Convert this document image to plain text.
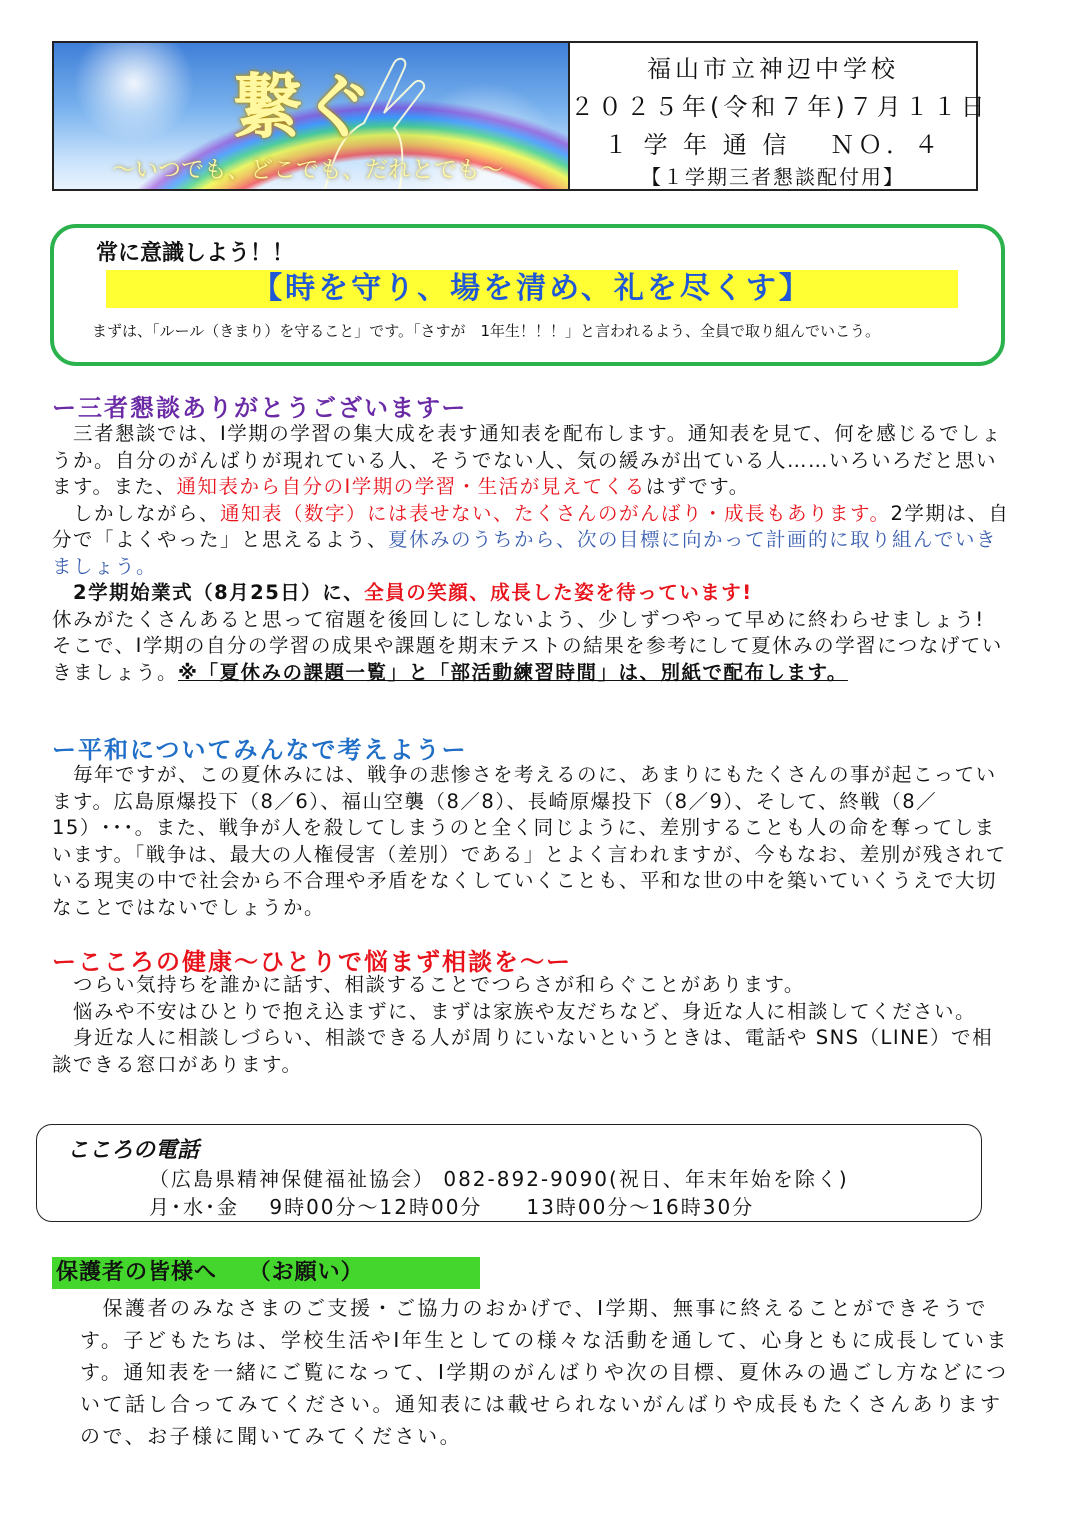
繋ぐ
～いつでも、どこでも、だれとでも～
福山市立神辺中学校
２０２５年(令和７年)７月１１日
１ 学 年 通 信　 ＮＯ．４
【１学期三者懇談配付用】
常に意識しよう！！
【時を守り、場を清め、礼を尽くす】
まずは、「ルール（きまり）を守ること」です。「さすが　1年生！！！」と言われるよう、全員で取り組んでいこう。
ー三者懇談ありがとうございますー
　三者懇談では、Ⅰ学期の学習の集大成を表す通知表を配布します。通知表を見て、何を感じるでしょうか。自分のがんばりが現れている人、そうでない人、気の緩みが出ている人……いろいろだと思います。また、通知表から自分のⅠ学期の学習・生活が見えてくるはずです。
　しかしながら、通知表（数字）には表せない、たくさんのがんばり・成長もあります。2学期は、自分で「よくやった」と思えるよう、夏休みのうちから、次の目標に向かって計画的に取り組んでいきましょう。
　2学期始業式（8月25日）に、全員の笑顔、成長した姿を待っています!
休みがたくさんあると思って宿題を後回しにしないよう、少しずつやって早めに終わらせましょう! そこで、Ⅰ学期の自分の学習の成果や課題を期末テストの結果を参考にして夏休みの学習につなげていきましょう。※「夏休みの課題一覧」と「部活動練習時間」は、別紙で配布します。
ー平和についてみんなで考えようー
　毎年ですが、この夏休みには、戦争の悲惨さを考えるのに、あまりにもたくさんの事が起こっています。広島原爆投下（8／6）、福山空襲（8／8）、長崎原爆投下（8／9）、そして、終戦（8／15）･･･。また、戦争が人を殺してしまうのと全く同じように、差別することも人の命を奪ってしまいます。「戦争は、最大の人権侵害（差別）である」とよく言われますが、今もなお、差別が残されている現実の中で社会から不合理や矛盾をなくしていくことも、平和な世の中を築いていくうえで大切なことではないでしょうか。
ーこころの健康～ひとりで悩まず相談を～ー
　つらい気持ちを誰かに話す、相談することでつらさが和らぐことがあります。
　悩みや不安はひとりで抱え込まずに、まずは家族や友だちなど、身近な人に相談してください。
　身近な人に相談しづらい、相談できる人が周りにいないというときは、電話や SNS（LINE）で相談できる窓口があります。
こころの電話
（広島県精神保健福祉協会） 082-892-9090(祝日、年末年始を除く)
月･水･金　 9時00分～12時00分　　13時00分～16時30分
保護者の皆様へ　 （お願い）
　保護者のみなさまのご支援・ご協力のおかげで、Ⅰ学期、無事に終えることができそうです。子どもたちは、学校生活やⅠ年生としての様々な活動を通して、心身ともに成長しています。通知表を一緒にご覧になって、Ⅰ学期のがんばりや次の目標、夏休みの過ごし方などについて話し合ってみてください。通知表には載せられないがんばりや成長もたくさんありますので、お子様に聞いてみてください。
